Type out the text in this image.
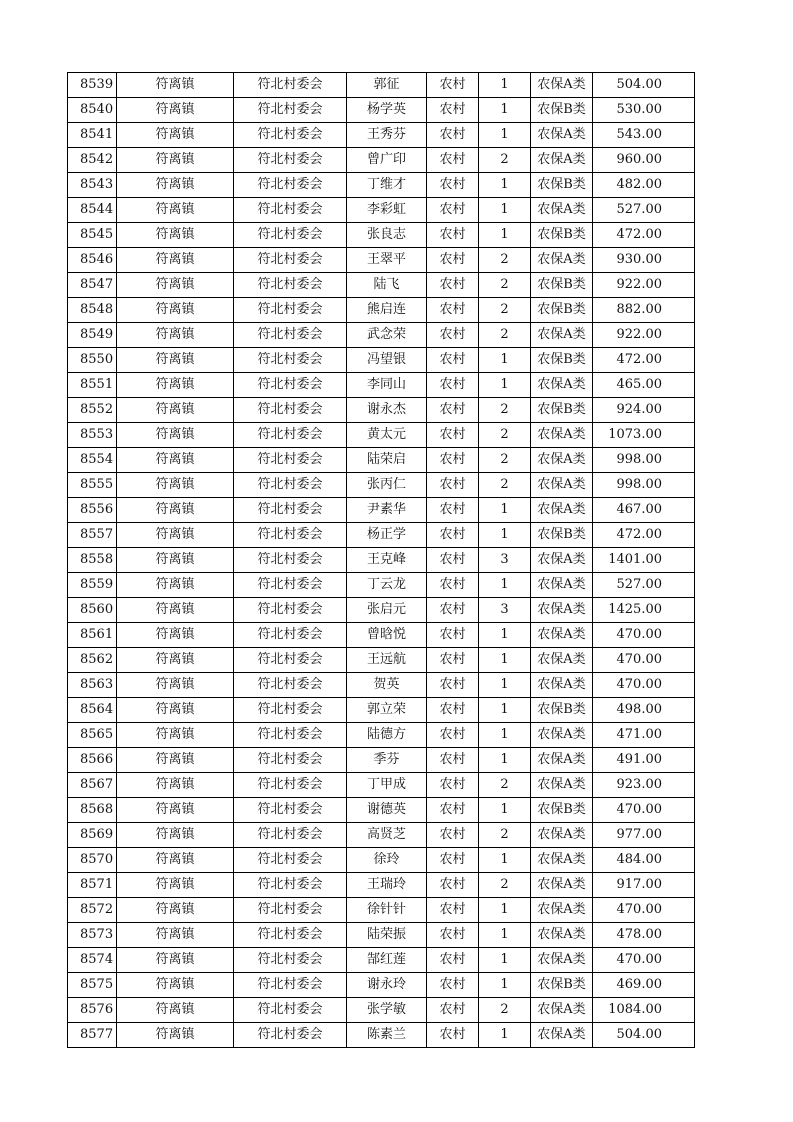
8539	符离镇	符北村委会	郭征	农村	1	农保A类	504.00
8540	符离镇	符北村委会	杨学英	农村	1	农保B类	530.00
8541	符离镇	符北村委会	王秀芬	农村	1	农保A类	543.00
8542	符离镇	符北村委会	曾广印	农村	2	农保A类	960.00
8543	符离镇	符北村委会	丁维才	农村	1	农保B类	482.00
8544	符离镇	符北村委会	李彩虹	农村	1	农保A类	527.00
8545	符离镇	符北村委会	张良志	农村	1	农保B类	472.00
8546	符离镇	符北村委会	王翠平	农村	2	农保A类	930.00
8547	符离镇	符北村委会	陆飞	农村	2	农保B类	922.00
8548	符离镇	符北村委会	熊启连	农村	2	农保B类	882.00
8549	符离镇	符北村委会	武念荣	农村	2	农保A类	922.00
8550	符离镇	符北村委会	冯望银	农村	1	农保B类	472.00
8551	符离镇	符北村委会	李同山	农村	1	农保A类	465.00
8552	符离镇	符北村委会	谢永杰	农村	2	农保B类	924.00
8553	符离镇	符北村委会	黄太元	农村	2	农保A类	1073.00
8554	符离镇	符北村委会	陆荣启	农村	2	农保A类	998.00
8555	符离镇	符北村委会	张丙仁	农村	2	农保A类	998.00
8556	符离镇	符北村委会	尹素华	农村	1	农保A类	467.00
8557	符离镇	符北村委会	杨正学	农村	1	农保B类	472.00
8558	符离镇	符北村委会	王克峰	农村	3	农保A类	1401.00
8559	符离镇	符北村委会	丁云龙	农村	1	农保A类	527.00
8560	符离镇	符北村委会	张启元	农村	3	农保A类	1425.00
8561	符离镇	符北村委会	曾晗悦	农村	1	农保A类	470.00
8562	符离镇	符北村委会	王远航	农村	1	农保A类	470.00
8563	符离镇	符北村委会	贺英	农村	1	农保A类	470.00
8564	符离镇	符北村委会	郭立荣	农村	1	农保B类	498.00
8565	符离镇	符北村委会	陆德方	农村	1	农保A类	471.00
8566	符离镇	符北村委会	季芬	农村	1	农保A类	491.00
8567	符离镇	符北村委会	丁甲成	农村	2	农保A类	923.00
8568	符离镇	符北村委会	谢德英	农村	1	农保B类	470.00
8569	符离镇	符北村委会	高贤芝	农村	2	农保A类	977.00
8570	符离镇	符北村委会	徐玲	农村	1	农保A类	484.00
8571	符离镇	符北村委会	王瑞玲	农村	2	农保A类	917.00
8572	符离镇	符北村委会	徐针针	农村	1	农保A类	470.00
8573	符离镇	符北村委会	陆荣振	农村	1	农保A类	478.00
8574	符离镇	符北村委会	郜红莲	农村	1	农保A类	470.00
8575	符离镇	符北村委会	谢永玲	农村	1	农保B类	469.00
8576	符离镇	符北村委会	张学敏	农村	2	农保A类	1084.00
8577	符离镇	符北村委会	陈素兰	农村	1	农保A类	504.00
